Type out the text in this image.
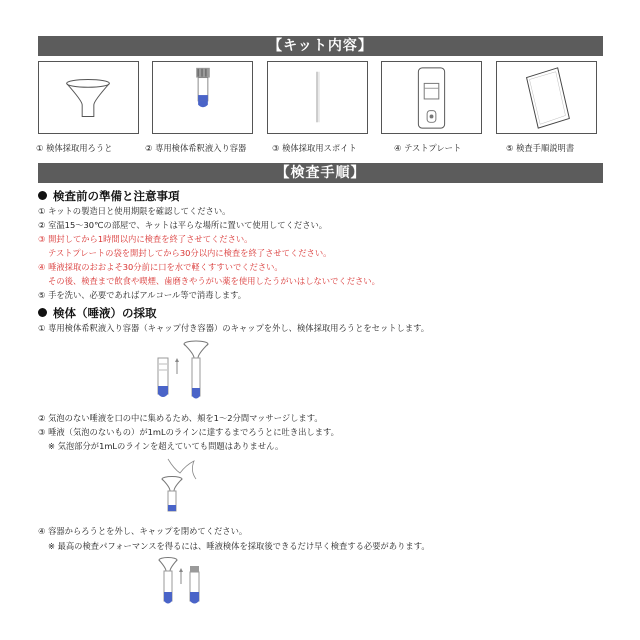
【キット内容】
① 検体採取用ろうと	② 専用検体希釈液入り容器	③ 検体採取用スポイト	④ テストプレート	⑤ 検査手順説明書
【検査手順】
検査前の準備と注意事項
① キットの製造日と使用期限を確認してください。
② 室温15～30℃の部屋で、キットは平らな場所に置いて使用してください。
③ 開封してから1時間以内に検査を終了させてください。
テストプレートの袋を開封してから30分以内に検査を終了させてください。
④ 唾液採取のおおよそ30分前に口を水で軽くすすいでください。
その後、検査まで飲食や喫煙、歯磨きやうがい薬を使用したうがいはしないでください。
⑤ 手を洗い、必要であればアルコール等で消毒します。
検体（唾液）の採取
① 専用検体希釈液入り容器（キャップ付き容器）のキャップを外し、検体採取用ろうとをセットします。
② 気泡のない唾液を口の中に集めるため、頬を1～2分間マッサージします。
③ 唾液（気泡のないもの）が1mLのラインに達するまでろうとに吐き出します。
※ 気泡部分が1mLのラインを超えていても問題はありません。
④ 容器からろうとを外し、キャップを閉めてください。
※ 最高の検査パフォーマンスを得るには、唾液検体を採取後できるだけ早く検査する必要があります。
